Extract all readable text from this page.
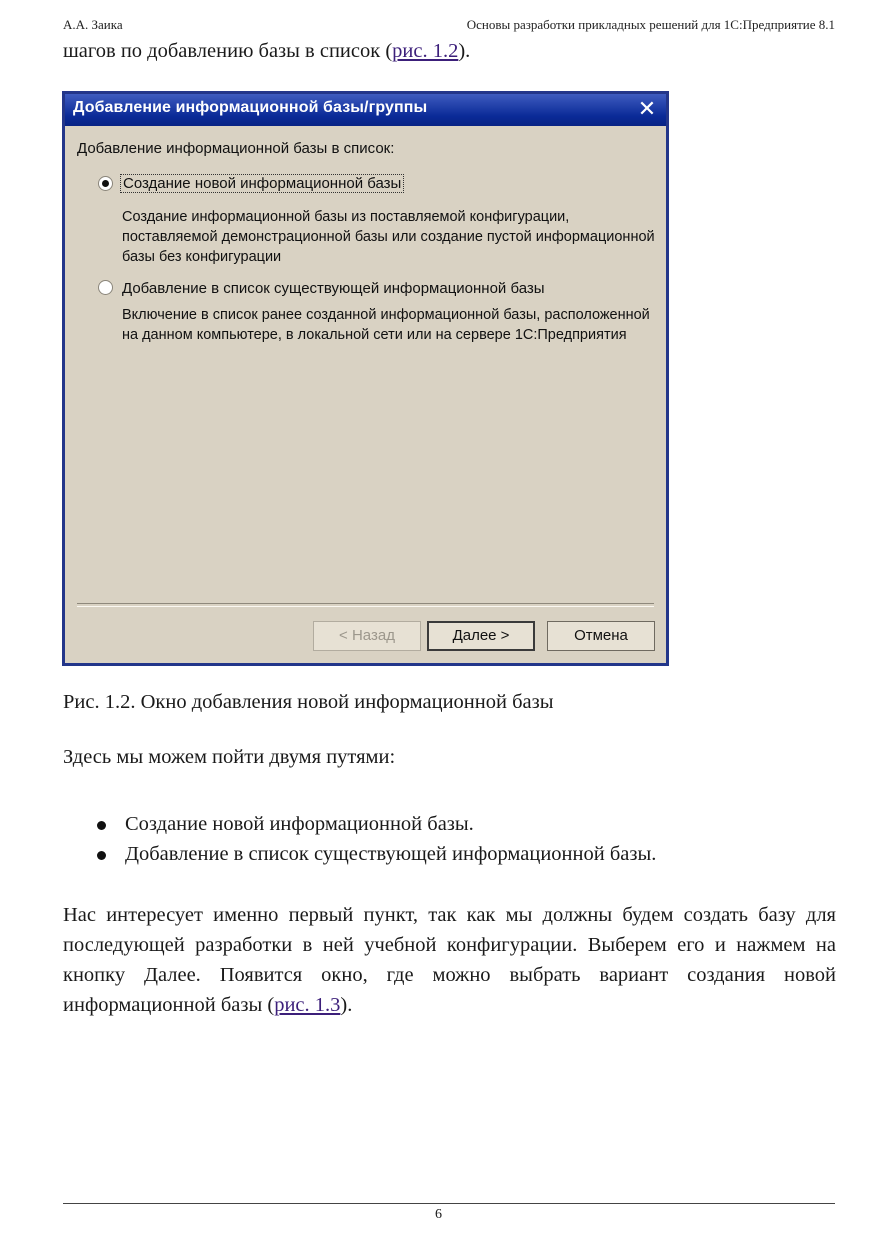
А.А. Заика	Основы разработки прикладных решений для 1С:Предприятие 8.1
шагов по добавлению базы в список (рис. 1.2).
Добавление информационной базы/группы	✕
Добавление информационной базы в список:
Создание новой информационной базы
Создание информационной базы из поставляемой конфигурации, поставляемой демонстрационной базы или создание пустой информационной базы без конфигурации
Добавление в список существующей информационной базы
Включение в список ранее созданной информационной базы, расположенной на данном компьютере, в локальной сети или на сервере 1С:Предприятия
< Назад	Далее >	Отмена
Рис. 1.2. Окно добавления новой информационной базы
Здесь мы можем пойти двумя путями:
Создание новой информационной базы.
Добавление в список существующей информационной базы.
Нас интересует именно первый пункт, так как мы должны будем создать базу для последующей разработки в ней учебной конфигурации. Выберем его и нажмем на кнопку Далее. Появится окно, где можно выбрать вариант создания новой информационной базы (рис. 1.3).
6
